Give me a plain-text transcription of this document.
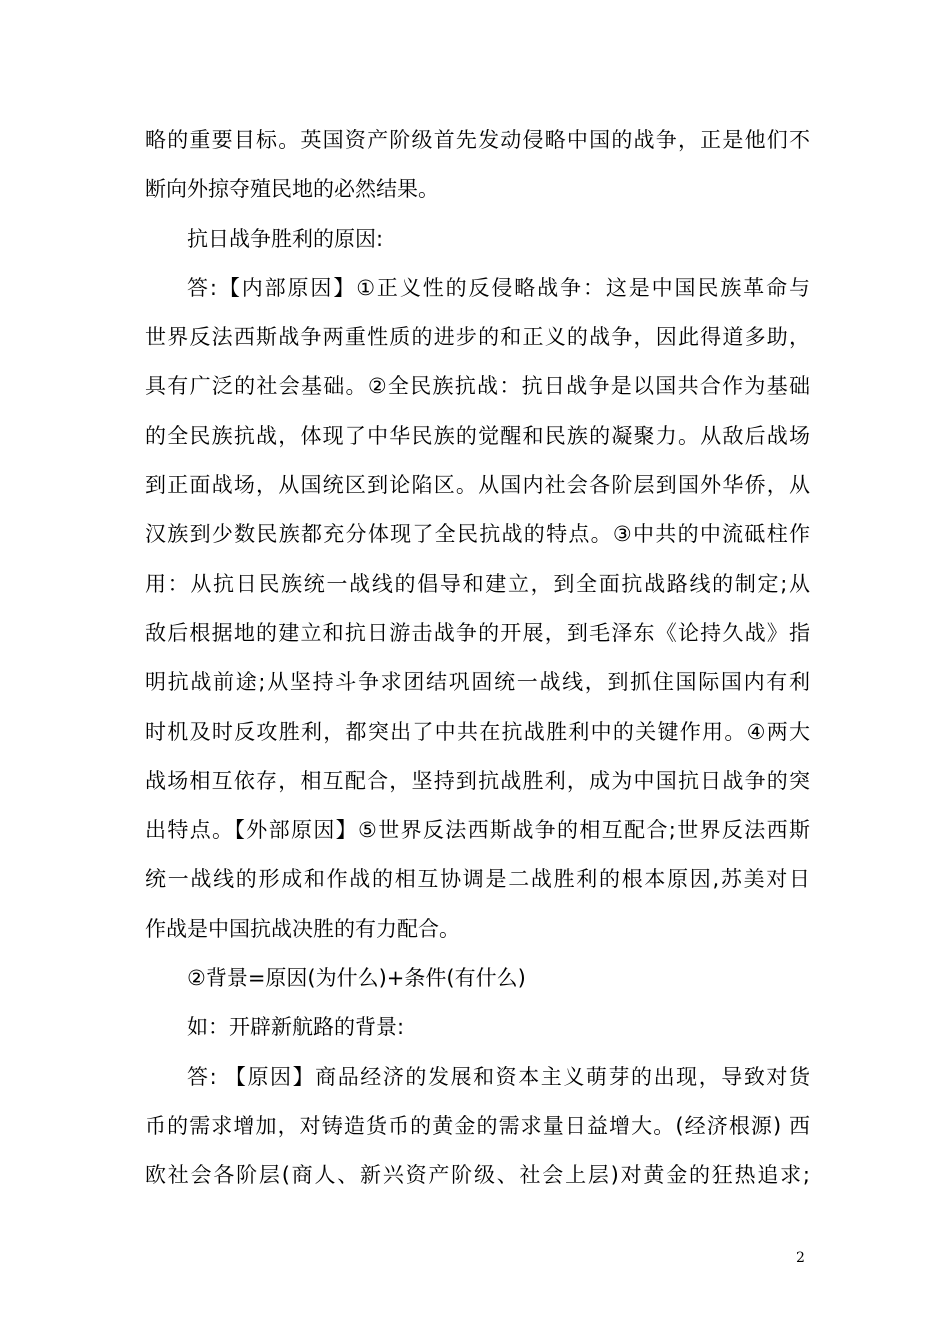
略的重要目标。英国资产阶级首先发动侵略中国的战争，正是他们不
断向外掠夺殖民地的必然结果。
抗日战争胜利的原因:
答:【内部原因】①正义性的反侵略战争：这是中国民族革命与
世界反法西斯战争两重性质的进步的和正义的战争，因此得道多助，
具有广泛的社会基础。②全民族抗战：抗日战争是以国共合作为基础
的全民族抗战，体现了中华民族的觉醒和民族的凝聚力。从敌后战场
到正面战场，从国统区到论陷区。从国内社会各阶层到国外华侨，从
汉族到少数民族都充分体现了全民抗战的特点。③中共的中流砥柱作
用：从抗日民族统一战线的倡导和建立，到全面抗战路线的制定;从
敌后根据地的建立和抗日游击战争的开展，到毛泽东《论持久战》指
明抗战前途;从坚持斗争求团结巩固统一战线，到抓住国际国内有利
时机及时反攻胜利，都突出了中共在抗战胜利中的关键作用。④两大
战场相互依存，相互配合，坚持到抗战胜利，成为中国抗日战争的突
出特点。【外部原因】⑤世界反法西斯战争的相互配合;世界反法西斯
统一战线的形成和作战的相互协调是二战胜利的根本原因,苏美对日
作战是中国抗战决胜的有力配合。
②背景=原因(为什么)+条件(有什么)
如：开辟新航路的背景:
答: 【原因】商品经济的发展和资本主义萌芽的出现，导致对货
币的需求增加，对铸造货币的黄金的需求量日益增大。(经济根源) 西
欧社会各阶层(商人、新兴资产阶级、社会上层)对黄金的狂热追求;
2
